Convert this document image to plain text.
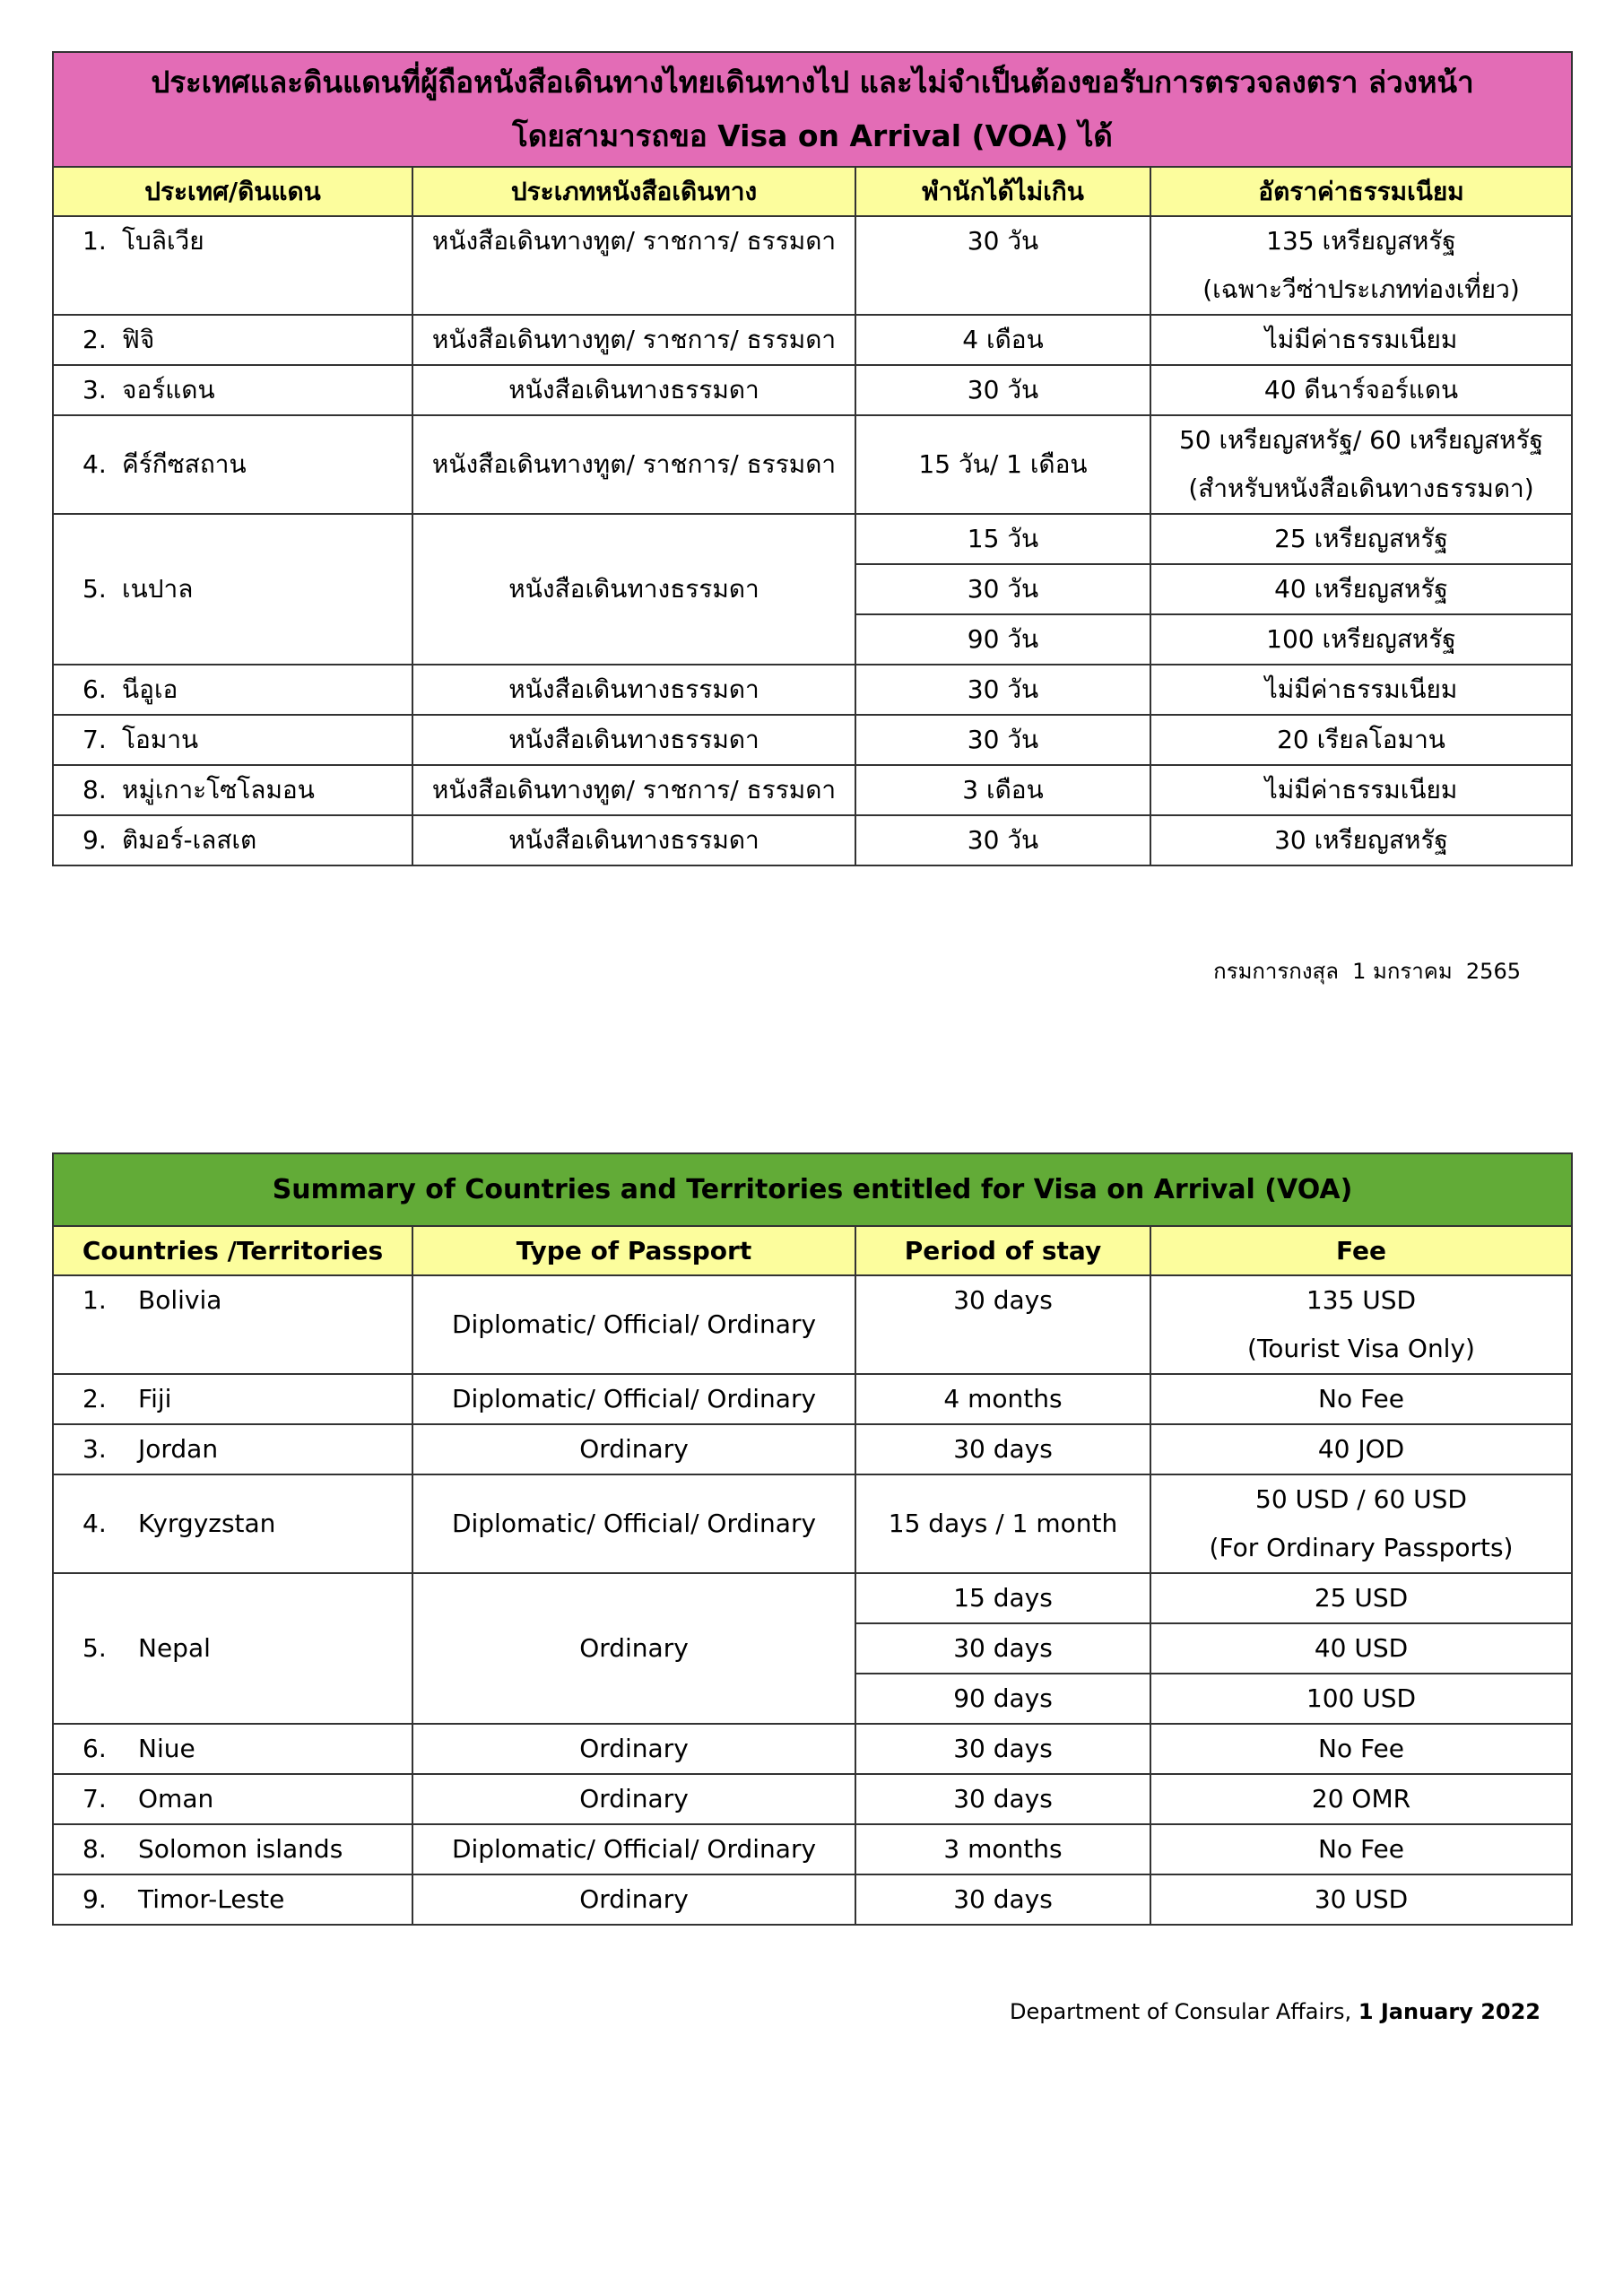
ประเทศและดินแดนที่ผู้ถือหนังสือเดินทางไทยเดินทางไป และไม่จำเป็นต้องขอรับการตรวจลงตรา ล่วงหน้า
โดยสามารถขอ Visa on Arrival (VOA) ได้			

ประเทศ/ดินแดน	ประเภทหนังสือเดินทาง	พำนักได้ไม่เกิน	อัตราค่าธรรมเนียม
1. โบลิเวีย	หนังสือเดินทางทูต/ ราชการ/ ธรรมดา	30 วัน	135 เหรียญสหรัฐ
(เฉพาะวีซ่าประเภทท่องเที่ยว)

2. ฟิจิ	หนังสือเดินทางทูต/ ราชการ/ ธรรมดา	4 เดือน	ไม่มีค่าธรรมเนียม
3. จอร์แดน	หนังสือเดินทางธรรมดา	30 วัน	40 ดีนาร์จอร์แดน
4. คีร์กีซสถาน	หนังสือเดินทางทูต/ ราชการ/ ธรรมดา	15 วัน/ 1 เดือน	50 เหรียญสหรัฐ/ 60 เหรียญสหรัฐ
(สำหรับหนังสือเดินทางธรรมดา)

5. เนปาล	หนังสือเดินทางธรรมดา	15 วัน	25 เหรียญสหรัฐ
		30 วัน	40 เหรียญสหรัฐ
		90 วัน	100 เหรียญสหรัฐ
6. นีอูเอ	หนังสือเดินทางธรรมดา	30 วัน	ไม่มีค่าธรรมเนียม
7. โอมาน	หนังสือเดินทางธรรมดา	30 วัน	20 เรียลโอมาน
8. หมู่เกาะโซโลมอน	หนังสือเดินทางทูต/ ราชการ/ ธรรมดา	3 เดือน	ไม่มีค่าธรรมเนียม
9. ติมอร์-เลสเต	หนังสือเดินทางธรรมดา	30 วัน	30 เหรียญสหรัฐ
กรมการกงสุล  1 มกราคม  2565
Summary of Countries and Territories entitled for Visa on Arrival (VOA)			
Countries /Territories	Type of Passport	Period of stay	Fee
1. Bolivia	Diplomatic/ Official/ Ordinary	30 days	135 USD
(Tourist Visa Only)

2. Fiji	Diplomatic/ Official/ Ordinary	4 months	No Fee
3. Jordan	Ordinary	30 days	40 JOD
4. Kyrgyzstan	Diplomatic/ Official/ Ordinary	15 days / 1 month	50 USD / 60 USD
(For Ordinary Passports)

5. Nepal	Ordinary	15 days	25 USD
		30 days	40 USD
		90 days	100 USD
6. Niue	Ordinary	30 days	No Fee
7. Oman	Ordinary	30 days	20 OMR
8. Solomon islands	Diplomatic/ Official/ Ordinary	3 months	No Fee
9. Timor-Leste	Ordinary	30 days	30 USD
Department of Consular Affairs, 1 January 2022
